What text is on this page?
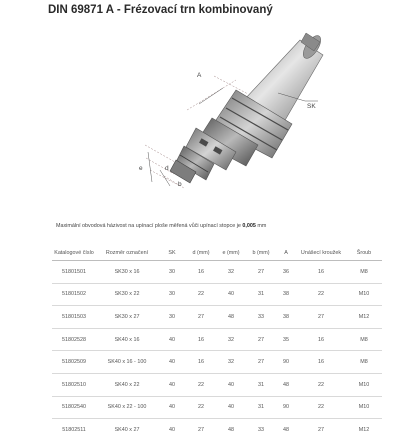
DIN 69871 A - Frézovací trn kombinovaný
A
e	d
b
SK
Maximální obvodová házivost na upínací ploše měřená vůči upínací stopce je 0,005 mm
Katalogové číslo	Rozměr označení	SK	d (mm)	e (mm)	b (mm)	A	Unášecí kroužek	Šroub
51801501	SK30 x 16	30	16	32	27	36	16	M8
51801502	SK30 x 22	30	22	40	31	38	22	M10
51801503	SK30 x 27	30	27	48	33	38	27	M12
51802528	SK40 x 16	40	16	32	27	35	16	M8
51802509	SK40 x 16 - 100	40	16	32	27	90	16	M8
51802510	SK40 x 22	40	22	40	31	48	22	M10
51802540	SK40 x 22 - 100	40	22	40	31	90	22	M10
51802511	SK40 x 27	40	27	48	33	48	27	M12
